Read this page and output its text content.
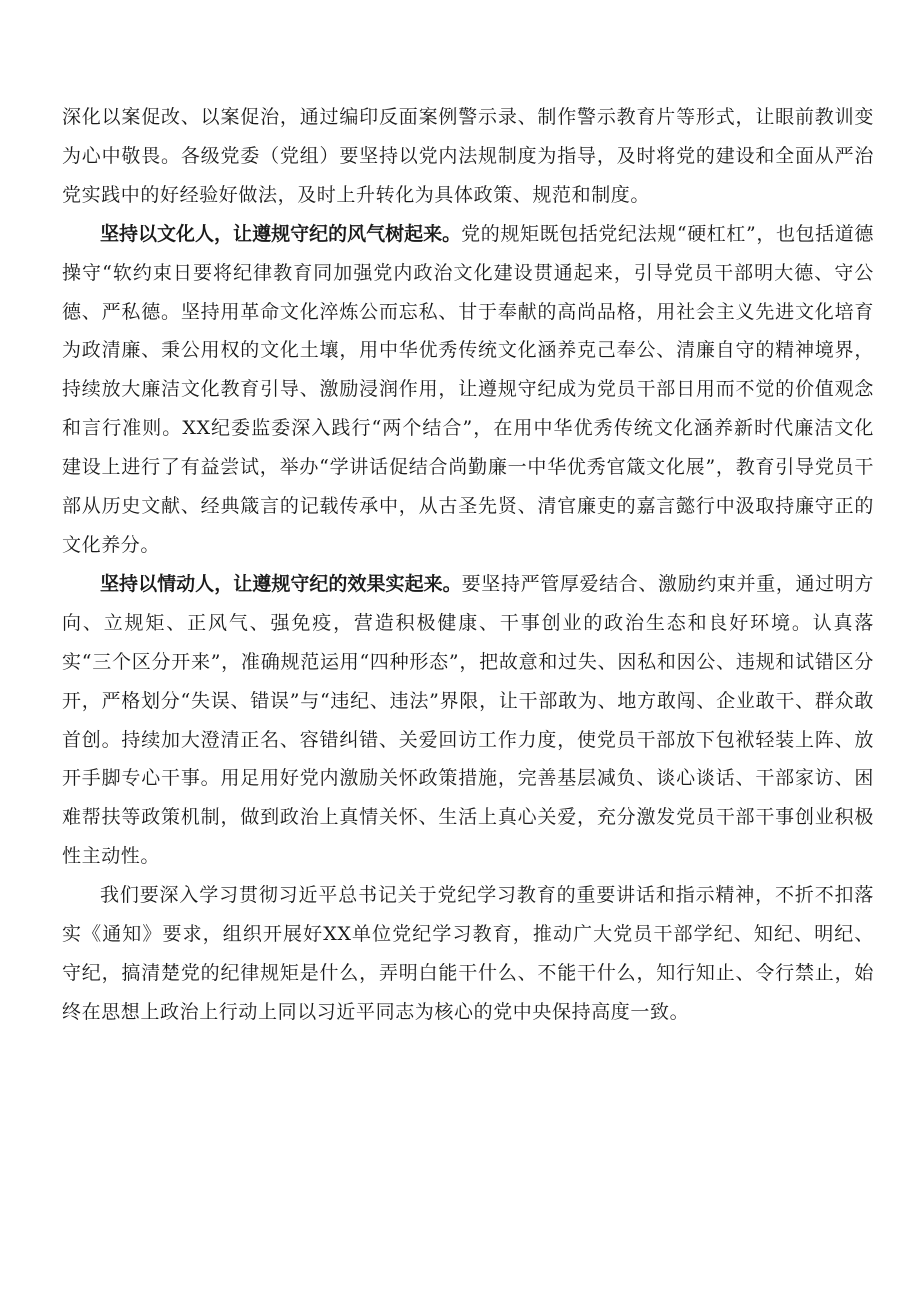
深化以案促改、以案促治，通过编印反面案例警示录、制作警示教育片等形式，让眼前教训变为心中敬畏。各级党委（党组）要坚持以党内法规制度为指导，及时将党的建设和全面从严治党实践中的好经验好做法，及时上升转化为具体政策、规范和制度。

坚持以文化人，让遵规守纪的风气树起来。党的规矩既包括党纪法规“硬杠杠”，也包括道德操守“软约束日要将纪律教育同加强党内政治文化建设贯通起来，引导党员干部明大德、守公德、严私德。坚持用革命文化淬炼公而忘私、甘于奉献的高尚品格，用社会主义先进文化培育为政清廉、秉公用权的文化土壤，用中华优秀传统文化涵养克己奉公、清廉自守的精神境界，持续放大廉洁文化教育引导、激励浸润作用，让遵规守纪成为党员干部日用而不觉的价值观念和言行准则。XX纪委监委深入践行“两个结合”，在用中华优秀传统文化涵养新时代廉洁文化建设上进行了有益尝试，举办“学讲话促结合尚勤廉一中华优秀官箴文化展”，教育引导党员干部从历史文献、经典箴言的记载传承中，从古圣先贤、清官廉吏的嘉言懿行中汲取持廉守正的文化养分。

坚持以情动人，让遵规守纪的效果实起来。要坚持严管厚爱结合、激励约束并重，通过明方向、立规矩、正风气、强免疫，营造积极健康、干事创业的政治生态和良好环境。认真落实“三个区分开来”，准确规范运用“四种形态”，把故意和过失、因私和因公、违规和试错区分开，严格划分“失误、错误”与“违纪、违法”界限，让干部敢为、地方敢闯、企业敢干、群众敢首创。持续加大澄清正名、容错纠错、关爱回访工作力度，使党员干部放下包袱轻装上阵、放开手脚专心干事。用足用好党内激励关怀政策措施，完善基层减负、谈心谈话、干部家访、困难帮扶等政策机制，做到政治上真情关怀、生活上真心关爱，充分激发党员干部干事创业积极性主动性。

我们要深入学习贯彻习近平总书记关于党纪学习教育的重要讲话和指示精神，不折不扣落实《通知》要求，组织开展好XX单位党纪学习教育，推动广大党员干部学纪、知纪、明纪、守纪，搞清楚党的纪律规矩是什么，弄明白能干什么、不能干什么，知行知止、令行禁止，始终在思想上政治上行动上同以习近平同志为核心的党中央保持高度一致。
